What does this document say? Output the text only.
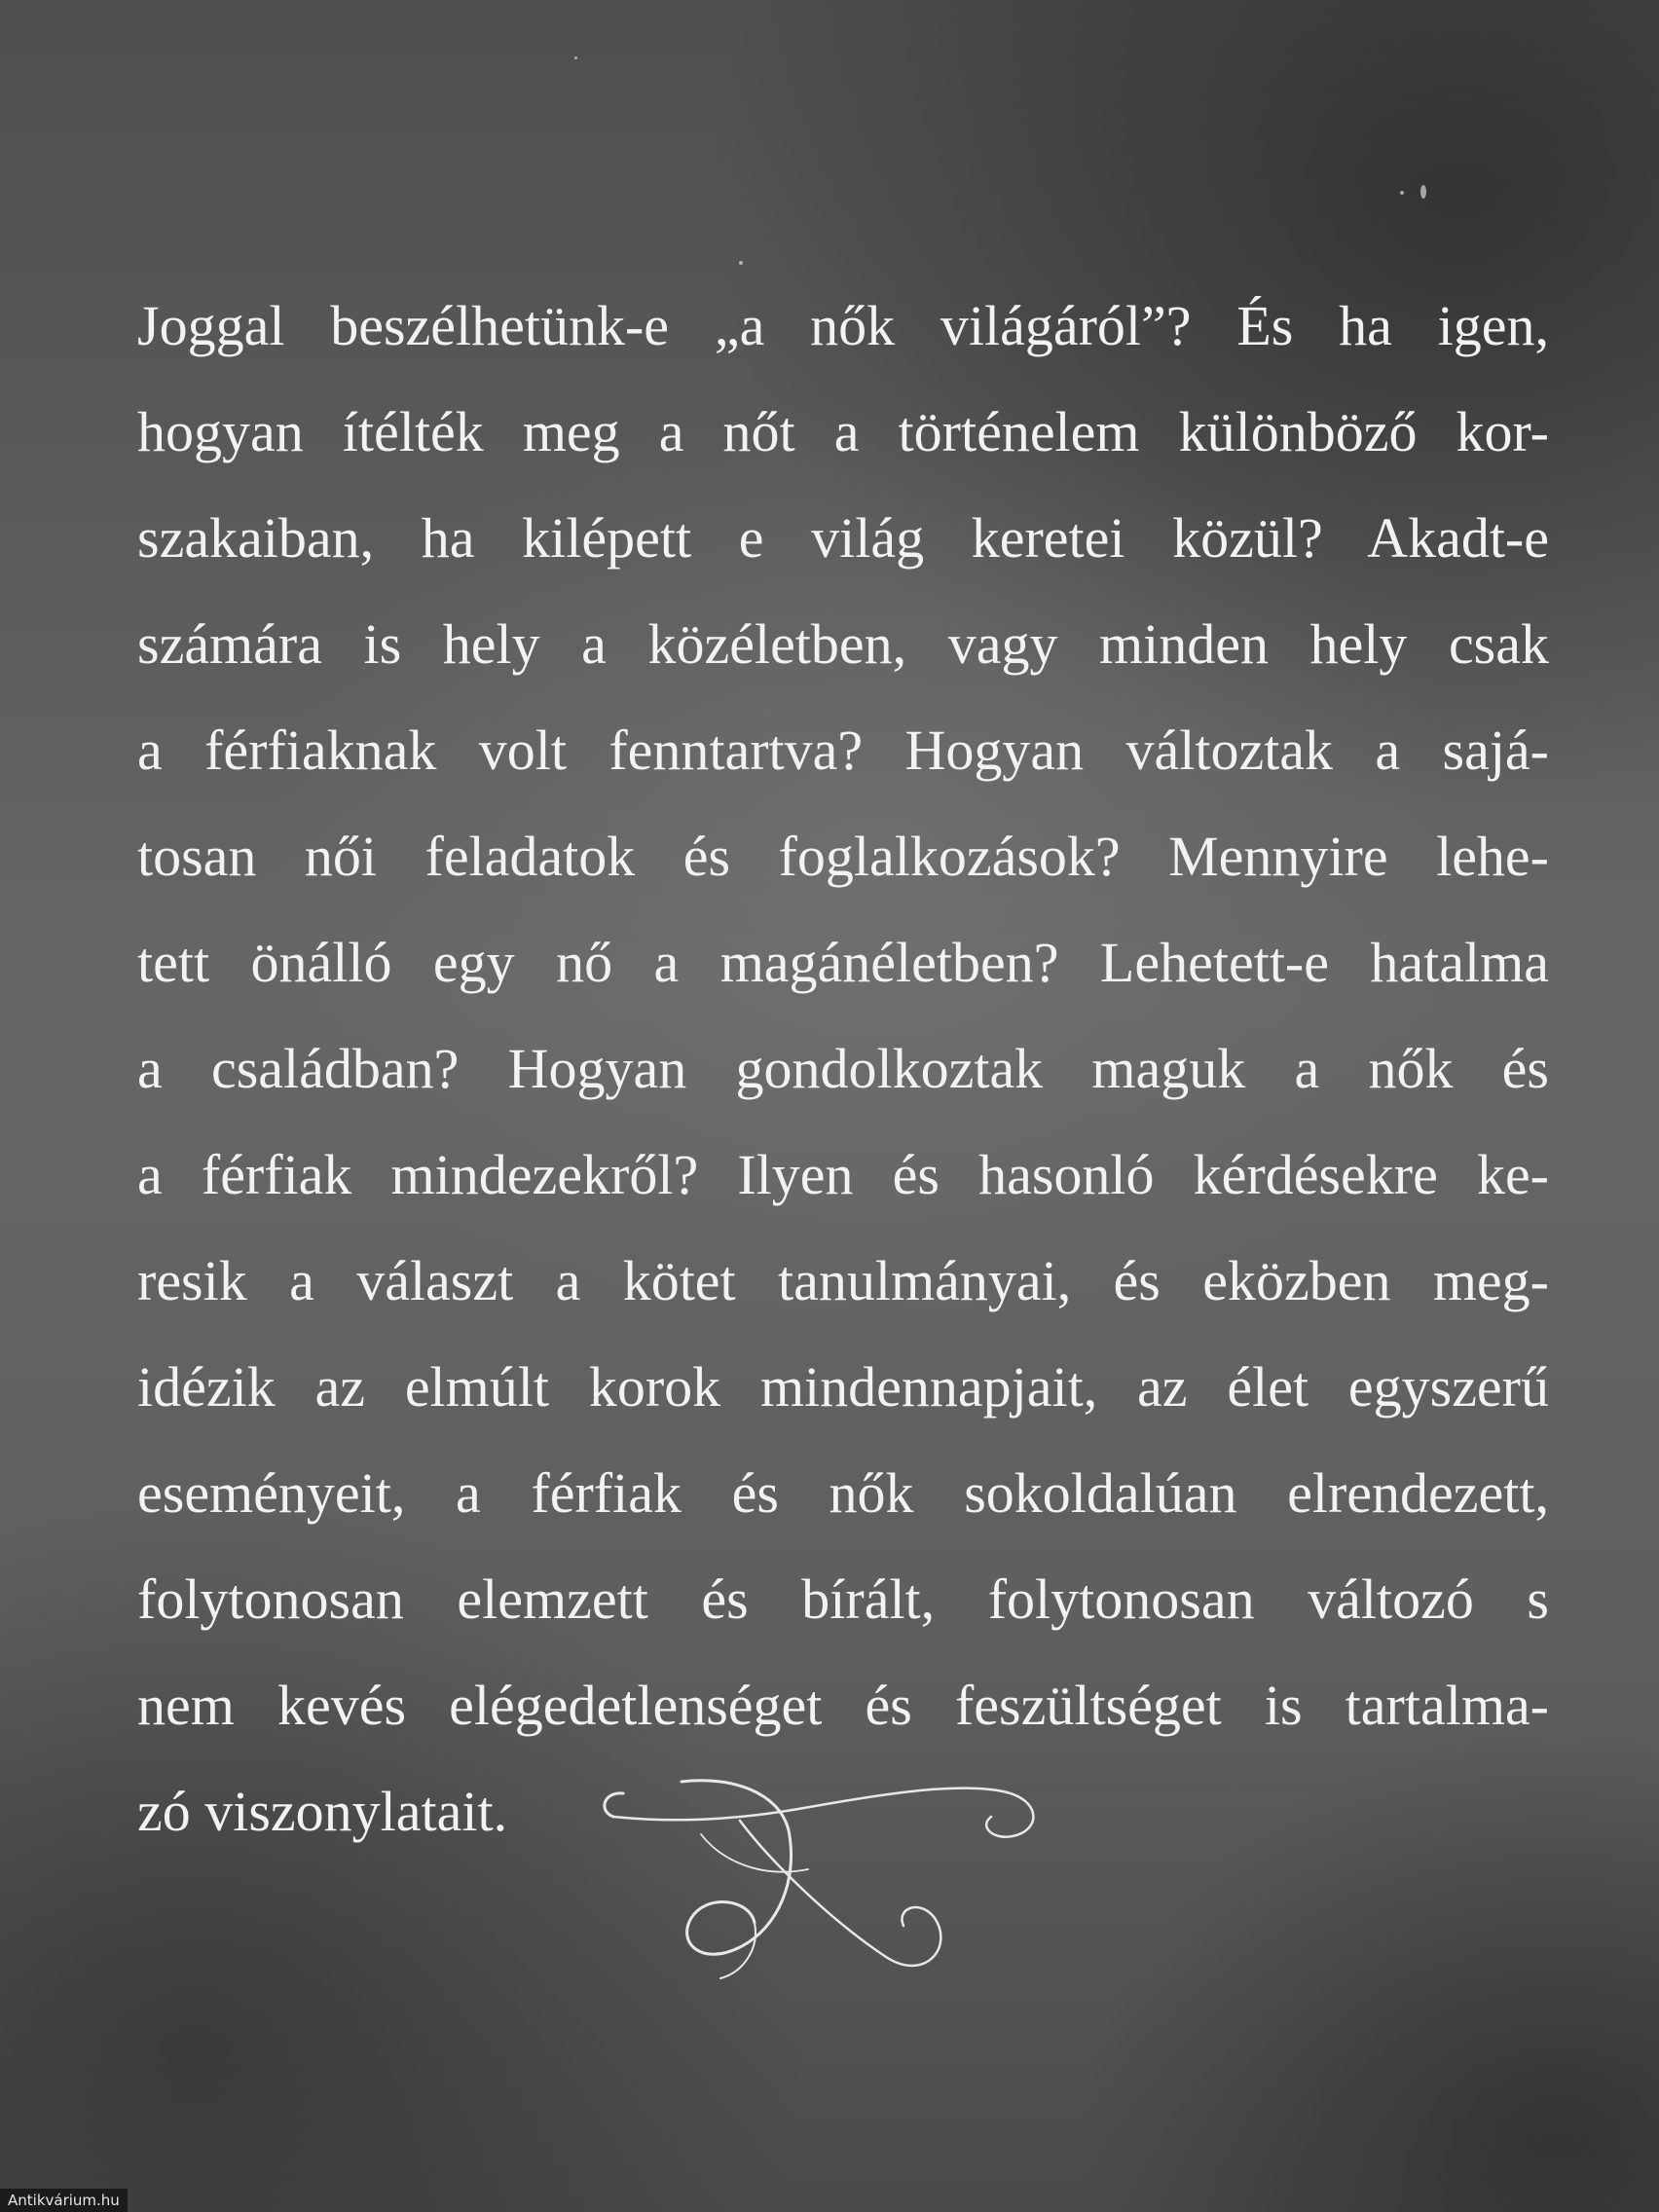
Joggal beszélhetünk-e „a nők világáról”? És ha igen,
hogyan ítélték meg a nőt a történelem különböző kor-
szakaiban, ha kilépett e világ keretei közül? Akadt-e
számára is hely a közéletben, vagy minden hely csak
a férfiaknak volt fenntartva? Hogyan változtak a sajá-
tosan női feladatok és foglalkozások? Mennyire lehe-
tett önálló egy nő a magánéletben? Lehetett-e hatalma
a családban? Hogyan gondolkoztak maguk a nők és
a férfiak mindezekről? Ilyen és hasonló kérdésekre ke-
resik a választ a kötet tanulmányai, és eközben meg-
idézik az elmúlt korok mindennapjait, az élet egyszerű
eseményeit, a férfiak és nők sokoldalúan elrendezett,
folytonosan elemzett és bírált, folytonosan változó s
nem kevés elégedetlenséget és feszültséget is tartalma-
zó viszonylatait.
Antikvárium.hu
